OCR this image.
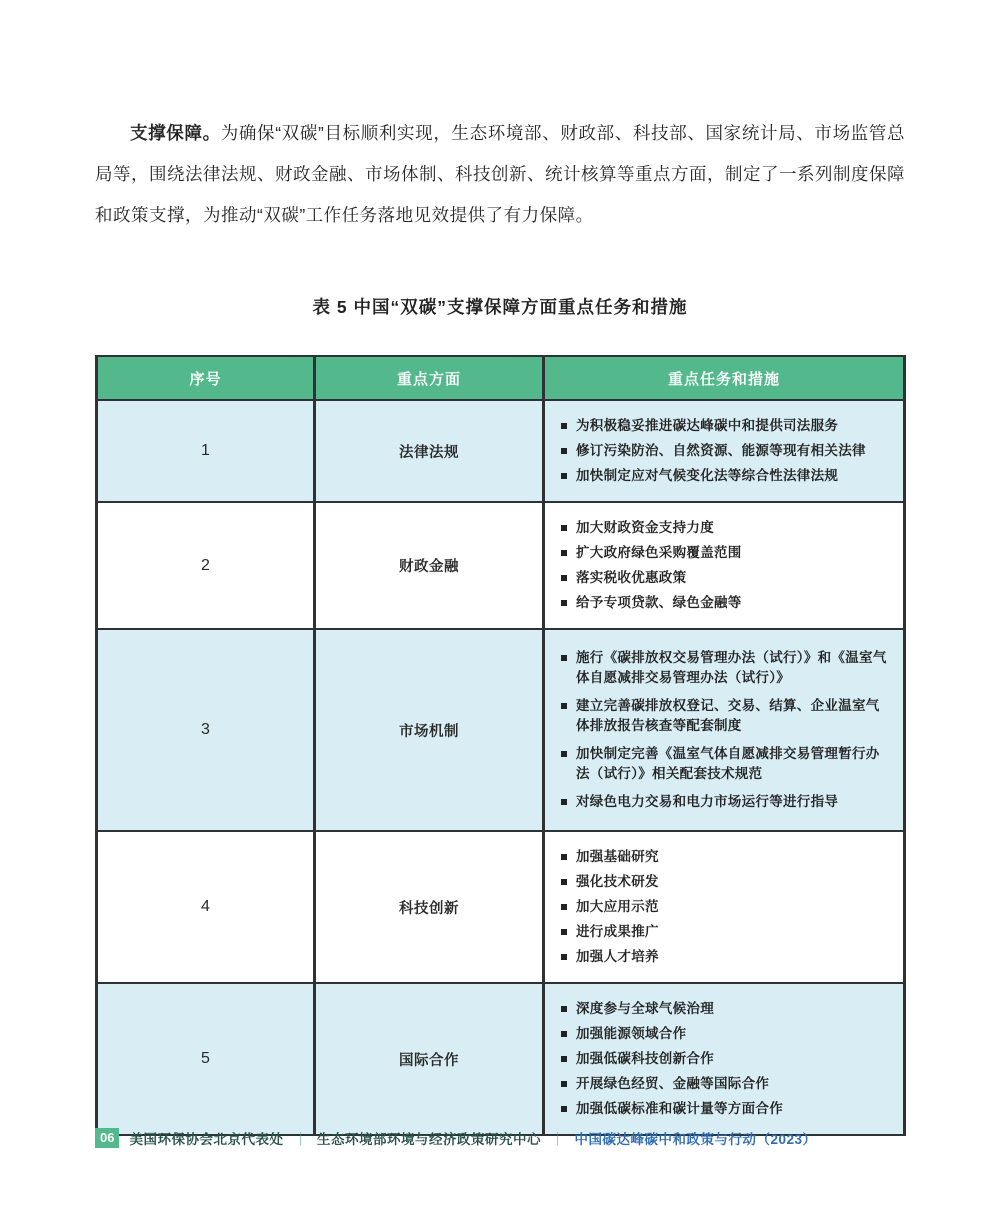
支撑保障。为确保“双碳”目标顺利实现，生态环境部、财政部、科技部、国家统计局、市场监管总局等，围绕法律法规、财政金融、市场体制、科技创新、统计核算等重点方面，制定了一系列制度保障和政策支撑，为推动“双碳”工作任务落地见效提供了有力保障。

表 5 中国“双碳”支撑保障方面重点任务和措施
序号	重点方面	重点任务和措施
1	法律法规	为积极稳妥推进碳达峰碳中和提供司法服务
修订污染防治、自然资源、能源等现有相关法律
加快制定应对气候变化法等综合性法律法规

2	财政金融	加大财政资金支持力度
扩大政府绿色采购覆盖范围
落实税收优惠政策
给予专项贷款、绿色金融等

3	市场机制	施行《碳排放权交易管理办法（试行）》和《温室气体自愿减排交易管理办法（试行）》
建立完善碳排放权登记、交易、结算、企业温室气体排放报告核查等配套制度
加快制定完善《温室气体自愿减排交易管理暂行办法（试行）》相关配套技术规范
对绿色电力交易和电力市场运行等进行指导

4	科技创新	加强基础研究
强化技术研发
加大应用示范
进行成果推广
加强人才培养

5	国际合作	深度参与全球气候治理
加强能源领域合作
加强低碳科技创新合作
开展绿色经贸、金融等国际合作
加强低碳标准和碳计量等方面合作
06	美国环保协会北京代表处 ｜ 生态环境部环境与经济政策研究中心 ｜ 中国碳达峰碳中和政策与行动（2023）
